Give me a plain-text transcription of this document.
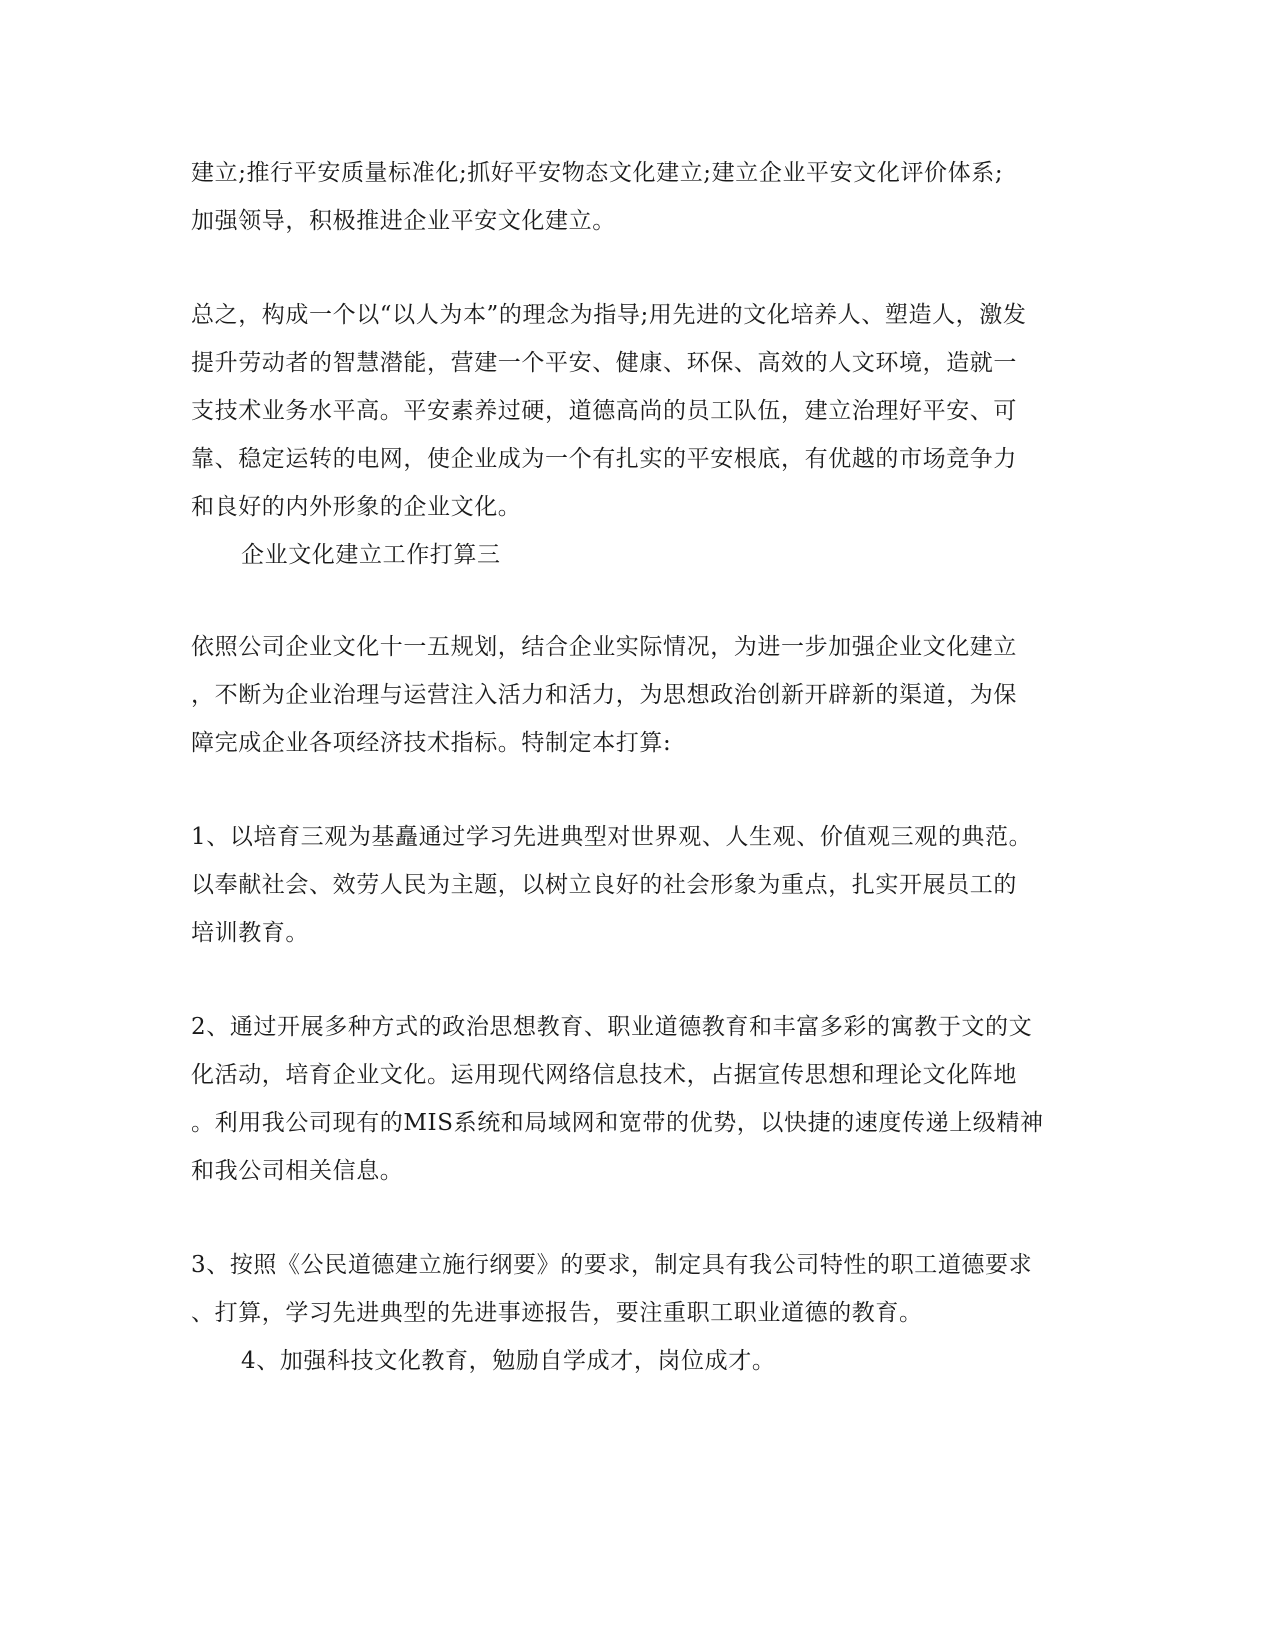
建立;推行平安质量标准化;抓好平安物态文化建立;建立企业平安文化评价体系;
加强领导，积极推进企业平安文化建立。
总之，构成一个以“以人为本”的理念为指导;用先进的文化培养人、塑造人，激发
提升劳动者的智慧潜能，营建一个平安、健康、环保、高效的人文环境，造就一
支技术业务水平高。平安素养过硬，道德高尚的员工队伍，建立治理好平安、可
靠、稳定运转的电网，使企业成为一个有扎实的平安根底，有优越的市场竞争力
和良好的内外形象的企业文化。
企业文化建立工作打算三
依照公司企业文化十一五规划，结合企业实际情况，为进一步加强企业文化建立
，不断为企业治理与运营注入活力和活力，为思想政治创新开辟新的渠道，为保
障完成企业各项经济技术指标。特制定本打算:
1、以培育三观为基矗通过学习先进典型对世界观、人生观、价值观三观的典范。
以奉献社会、效劳人民为主题，以树立良好的社会形象为重点，扎实开展员工的
培训教育。
2、通过开展多种方式的政治思想教育、职业道德教育和丰富多彩的寓教于文的文
化活动，培育企业文化。运用现代网络信息技术，占据宣传思想和理论文化阵地
。利用我公司现有的MIS系统和局域网和宽带的优势，以快捷的速度传递上级精神
和我公司相关信息。
3、按照《公民道德建立施行纲要》的要求，制定具有我公司特性的职工道德要求
、打算，学习先进典型的先进事迹报告，要注重职工职业道德的教育。
4、加强科技文化教育，勉励自学成才，岗位成才。
